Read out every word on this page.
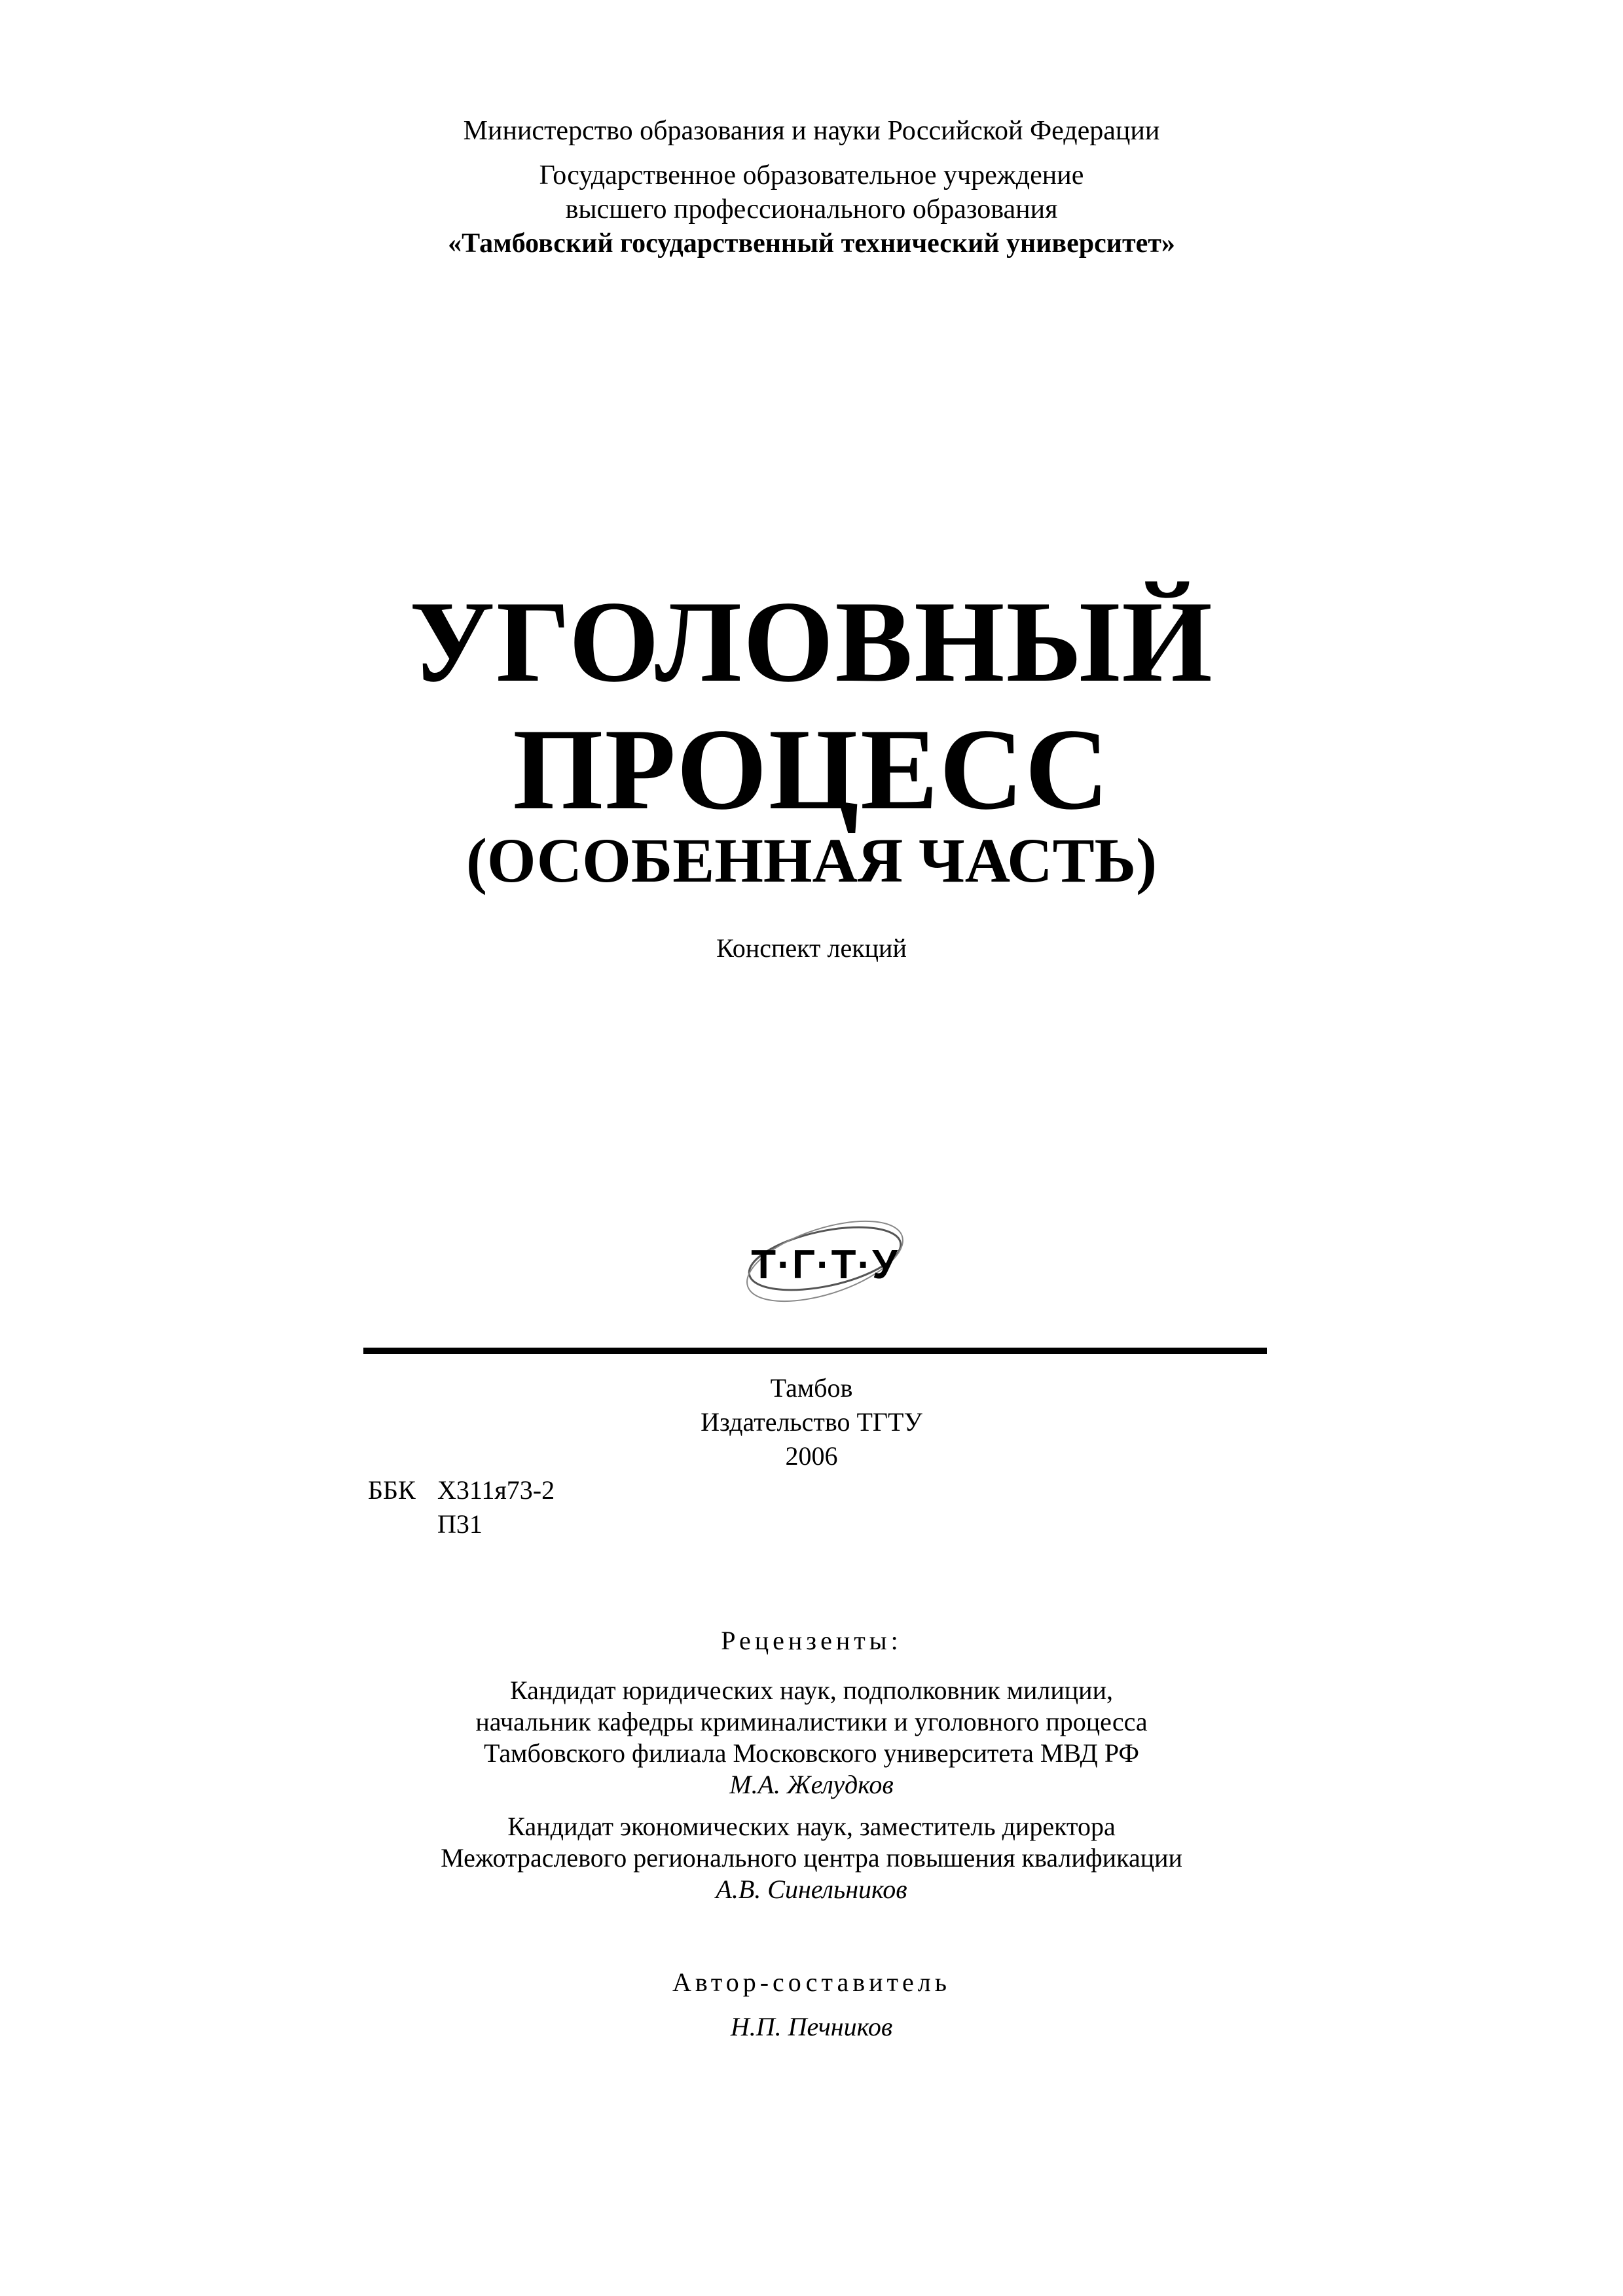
Министерство образования и науки Российской Федерации
Государственное образовательное учреждение
высшего профессионального образования
«Тамбовский государственный технический университет»
УГОЛОВНЫЙ
ПРОЦЕСС
(ОСОБЕННАЯ ЧАСТЬ)
Конспект лекций
Т·Г·Т·У
Тамбов
Издательство ТГТУ
2006
ББК Х311я73-2
П31
Рецензенты:
Кандидат юридических наук, подполковник милиции,
начальник кафедры криминалистики и уголовного процесса
Тамбовского филиала Московского университета МВД РФ
М.А. Желудков
Кандидат экономических наук, заместитель директора
Межотраслевого регионального центра повышения квалификации
А.В. Синельников
Автор-составитель
Н.П. Печников
